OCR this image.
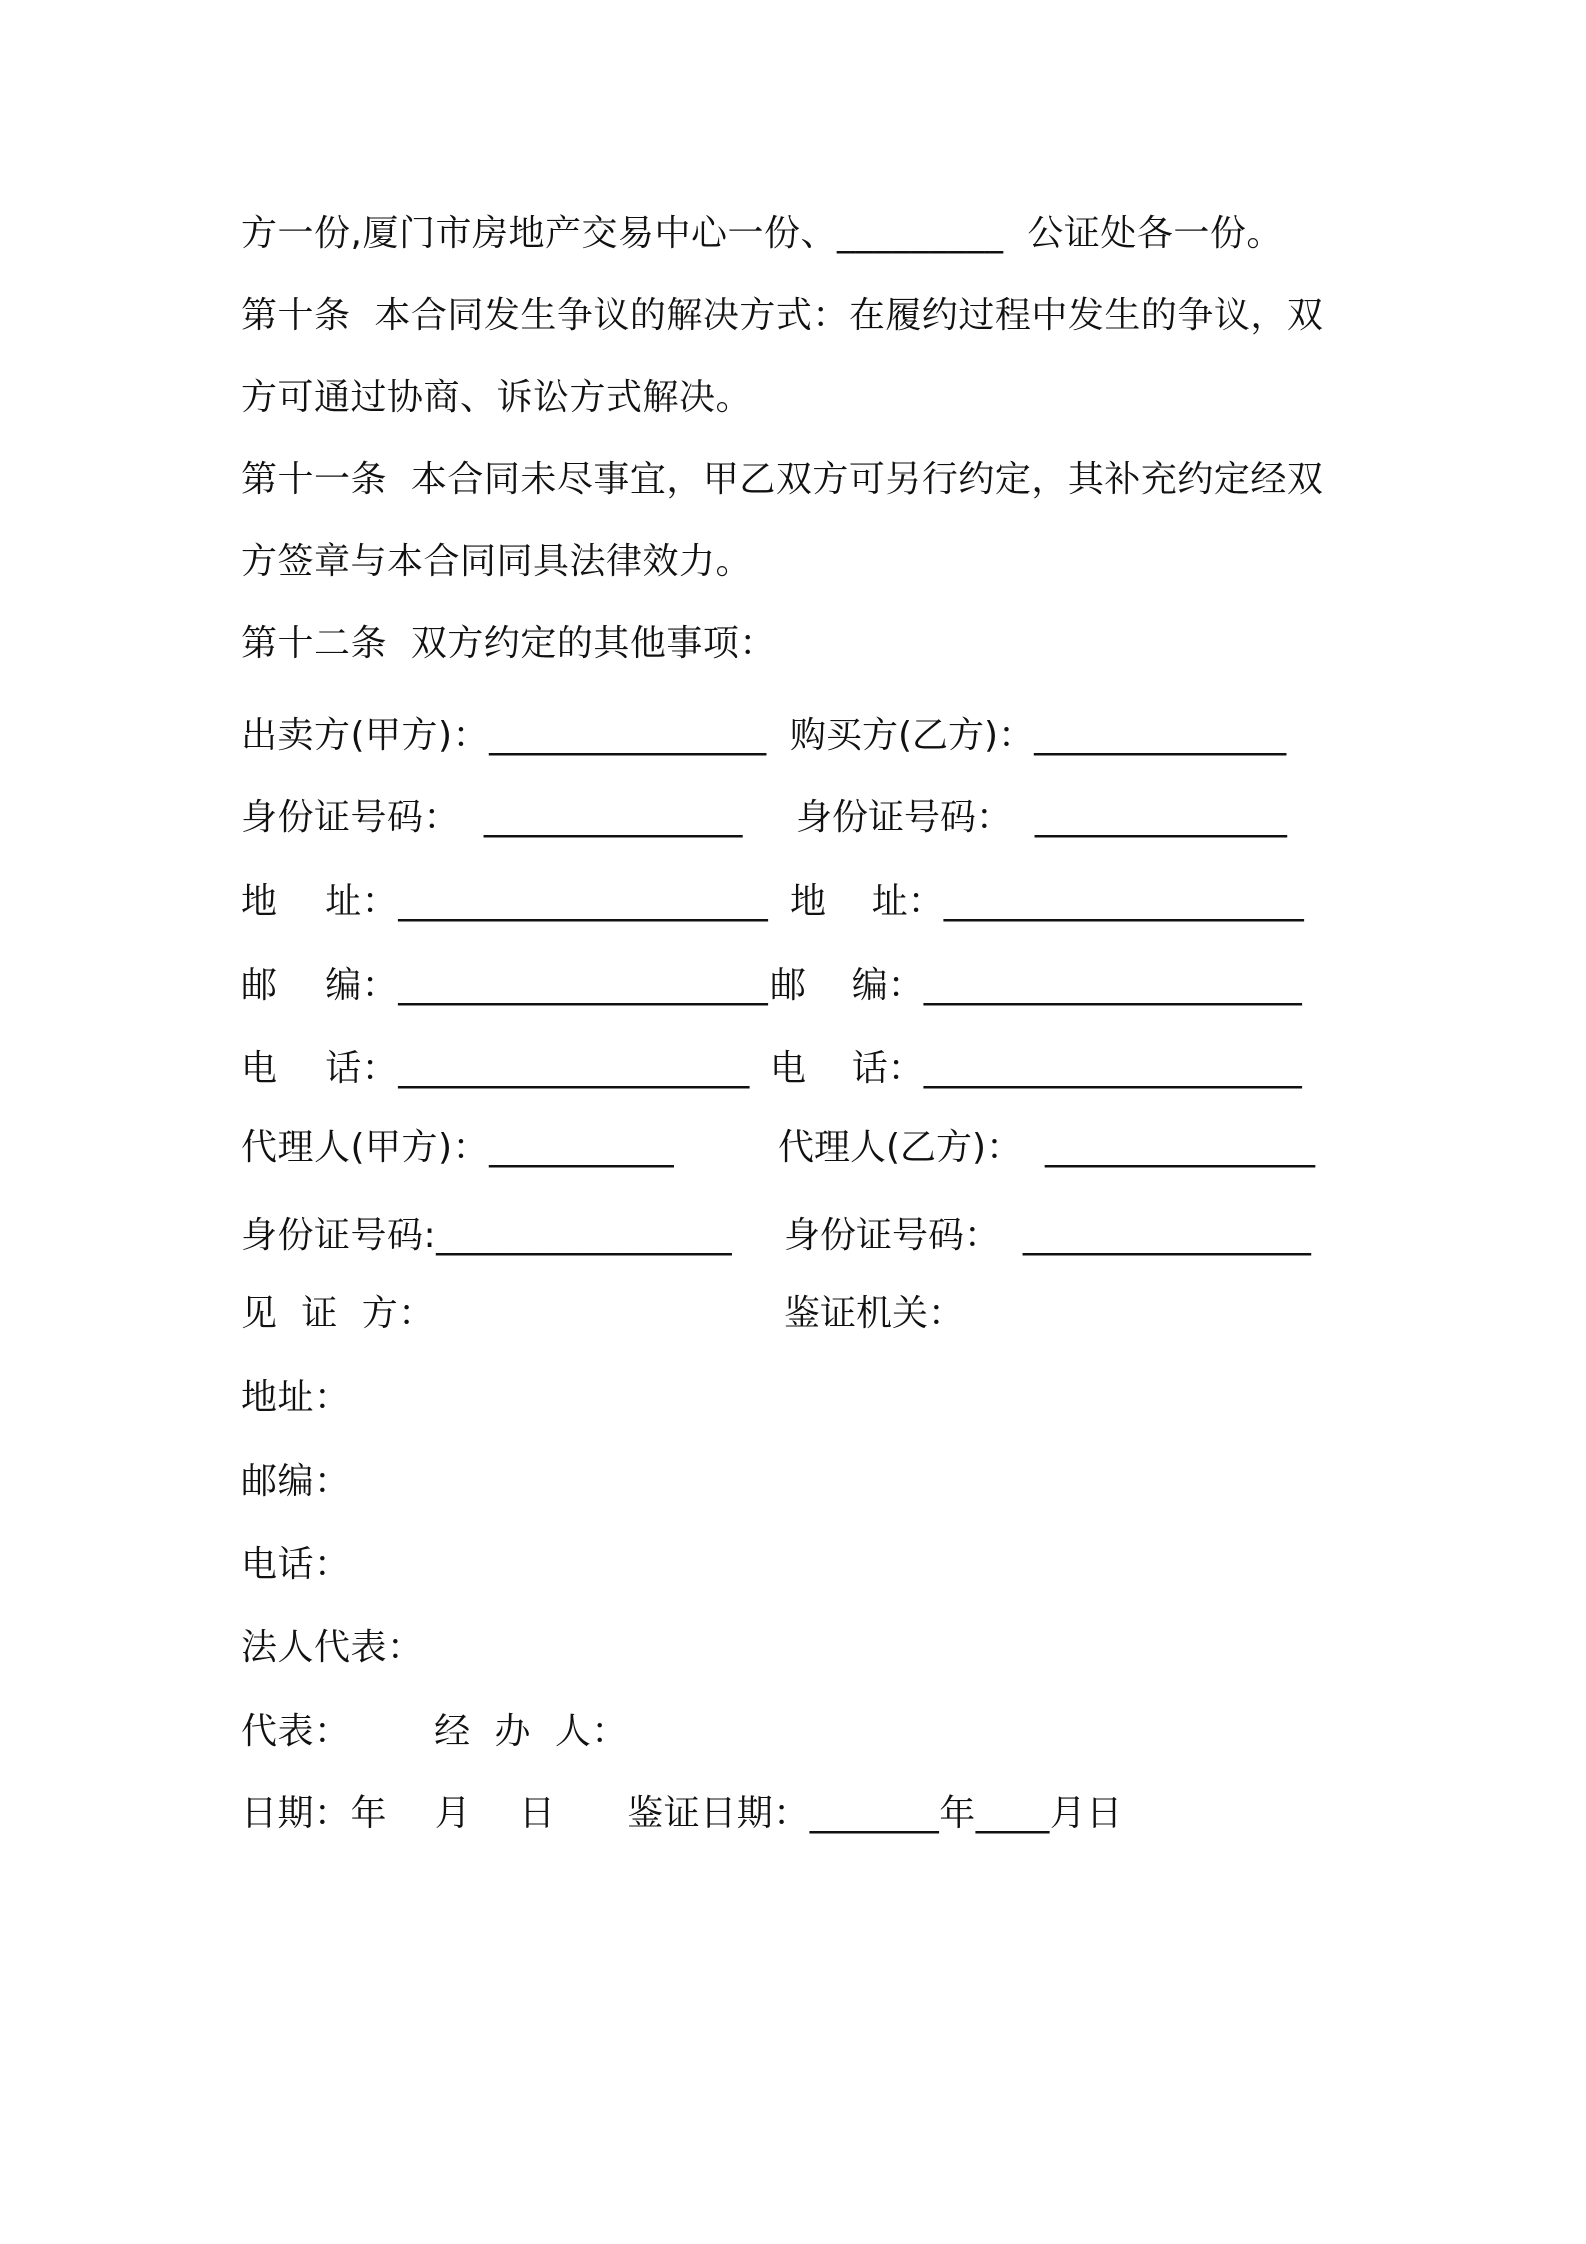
方一份,厦门市房地产交易中心一份、_________  公证处各一份。
第十条  本合同发生争议的解决方式：在履约过程中发生的争议，双
方可通过协商、诉讼方式解决。
第十一条  本合同未尽事宜，甲乙双方可另行约定，其补充约定经双
方签章与本合同同具法律效力。
第十二条  双方约定的其他事项：
出卖方(甲方)：_______________ 购买方(乙方)：______________
身份证号码：  ______________ 身份证号码：  ______________
地    址：____________________ 地    址：____________________
邮    编：____________________ 邮    编：_____________________
电    话：___________________ 电    话：_____________________
代理人(甲方)：__________	代理人(乙方)：  _______________
身份证号码:________________ 身份证号码：  ________________
见  证  方：	鉴证机关：
地址：
邮编：
电话：
法人代表：
代表：       经  办  人：
日期：年    月    日      鉴证日期：_______年____月日
